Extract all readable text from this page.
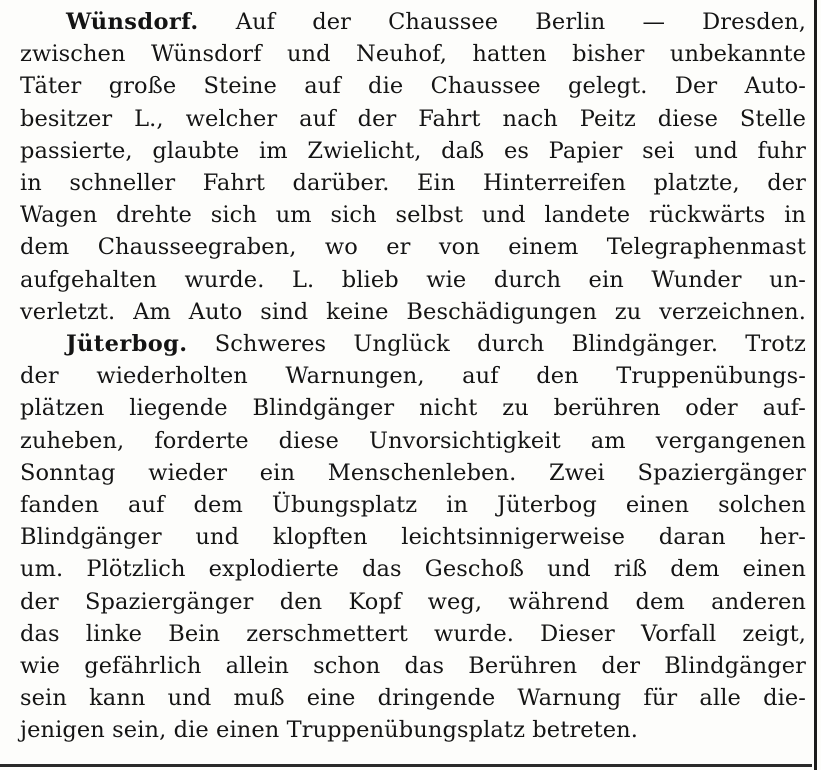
Wünsdorf. Auf der Chaussee Berlin — Dresden,
zwischen Wünsdorf und Neuhof, hatten bisher unbekannte
Täter große Steine auf die Chaussee gelegt. Der Auto-
besitzer L., welcher auf der Fahrt nach Peitz diese Stelle
passierte, glaubte im Zwielicht, daß es Papier sei und fuhr
in schneller Fahrt darüber. Ein Hinterreifen platzte, der
Wagen drehte sich um sich selbst und landete rückwärts in
dem Chausseegraben, wo er von einem Telegraphenmast
aufgehalten wurde. L. blieb wie durch ein Wunder un-
verletzt. Am Auto sind keine Beschädigungen zu verzeichnen.
Jüterbog. Schweres Unglück durch Blindgänger. Trotz
der wiederholten Warnungen, auf den Truppenübungs-
plätzen liegende Blindgänger nicht zu berühren oder auf-
zuheben, forderte diese Unvorsichtigkeit am vergangenen
Sonntag wieder ein Menschenleben. Zwei Spaziergänger
fanden auf dem Übungsplatz in Jüterbog einen solchen
Blindgänger und klopften leichtsinnigerweise daran her-
um. Plötzlich explodierte das Geschoß und riß dem einen
der Spaziergänger den Kopf weg, während dem anderen
das linke Bein zerschmettert wurde. Dieser Vorfall zeigt,
wie gefährlich allein schon das Berühren der Blindgänger
sein kann und muß eine dringende Warnung für alle die-
jenigen sein, die einen Truppenübungsplatz betreten.
